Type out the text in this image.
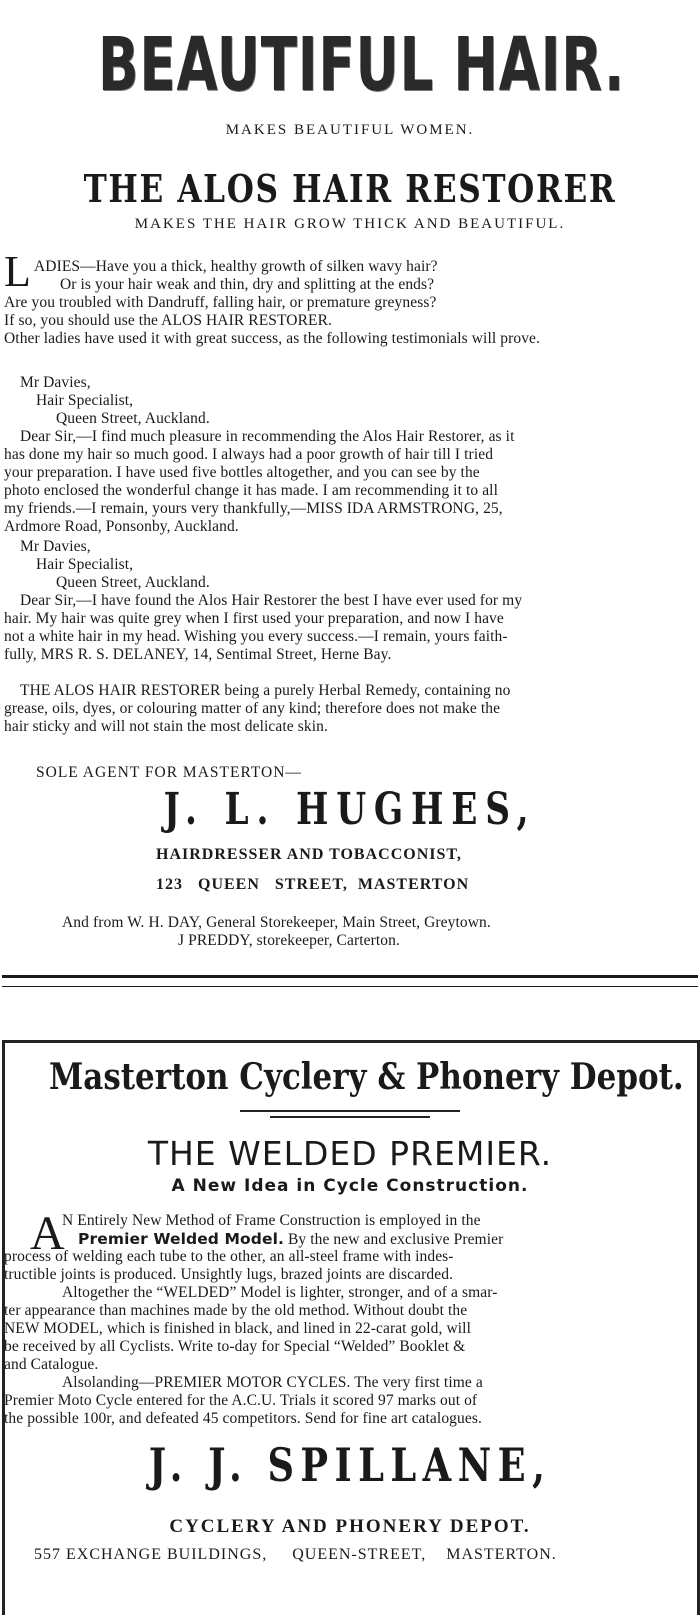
BEAUTIFUL HAIR.
MAKES BEAUTIFUL WOMEN.
THE ALOS HAIR RESTORER
MAKES THE HAIR GROW THICK AND BEAUTIFUL.
L ADIES—Have you a thick, healthy growth of silken wavy hair?
Or is your hair weak and thin, dry and splitting at the ends?
Are you troubled with Dandruff, falling hair, or premature greyness?
If so, you should use the ALOS HAIR RESTORER.
Other ladies have used it with great success, as the following testimonials will prove.
Mr Davies,
Hair Specialist,
Queen Street, Auckland.
Dear Sir,—I find much pleasure in recommending the Alos Hair Restorer, as it
has done my hair so much good. I always had a poor growth of hair till I tried
your preparation. I have used five bottles altogether, and you can see by the
photo enclosed the wonderful change it has made. I am recommending it to all
my friends.—I remain, yours very thankfully,—MISS IDA ARMSTRONG, 25,
Ardmore Road, Ponsonby, Auckland.
Mr Davies,
Hair Specialist,
Queen Street, Auckland.
Dear Sir,—I have found the Alos Hair Restorer the best I have ever used for my
hair. My hair was quite grey when I first used your preparation, and now I have
not a white hair in my head. Wishing you every success.—I remain, yours faith-
fully, MRS R. S. DELANEY, 14, Sentimal Street, Herne Bay.
THE ALOS HAIR RESTORER being a purely Herbal Remedy, containing no
grease, oils, dyes, or colouring matter of any kind; therefore does not make the
hair sticky and will not stain the most delicate skin.
SOLE AGENT FOR MASTERTON—
J. L. HUGHES,
HAIRDRESSER AND TOBACCONIST,
123   QUEEN   STREET,  MASTERTON
And from W. H. DAY, General Storekeeper, Main Street, Greytown.
J PREDDY, storekeeper, Carterton.
Masterton Cyclery & Phonery Depot.
THE WELDED PREMIER.
A New Idea in Cycle Construction.
A
N Entirely New Method of Frame Construction is employed in the
Premier Welded Model. By the new and exclusive Premier
process of welding each tube to the other, an all-steel frame with indes-
tructible joints is produced. Unsightly lugs, brazed joints are discarded.
Altogether the “WELDED” Model is lighter, stronger, and of a smar-
ter appearance than machines made by the old method. Without doubt the
NEW MODEL, which is finished in black, and lined in 22-carat gold, will
be received by all Cyclists. Write to-day for Special “Welded” Booklet &
and Catalogue.
Alsolanding—PREMIER MOTOR CYCLES. The very first time a
Premier Moto Cycle entered for the A.C.U. Trials it scored 97 marks out of
the possible 100r, and defeated 45 competitors. Send for fine art catalogues.
J. J. SPILLANE,
CYCLERY AND PHONERY DEPOT.
557 EXCHANGE BUILDINGS,     QUEEN-STREET,    MASTERTON.
